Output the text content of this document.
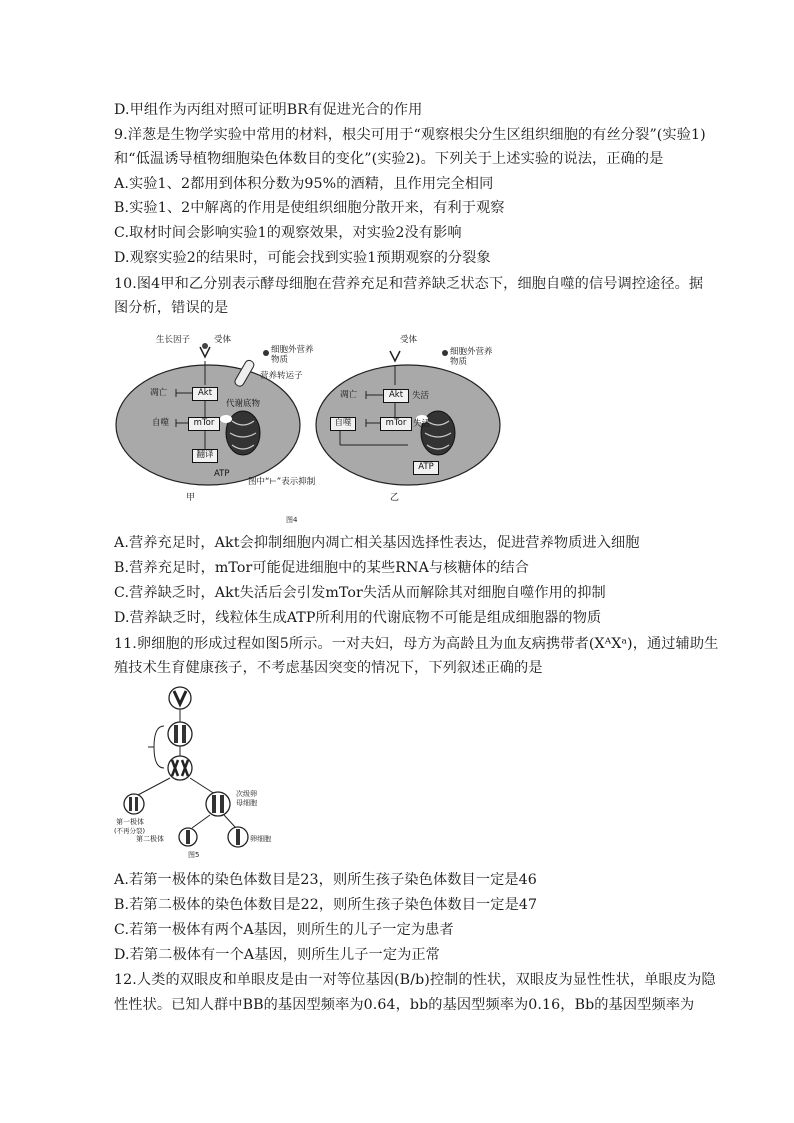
D.甲组作为丙组对照可证明BR有促进光合的作用
9.洋葱是生物学实验中常用的材料，根尖可用于“观察根尖分生区组织细胞的有丝分裂”(实验1)
和“低温诱导植物细胞染色体数目的变化”(实验2)。下列关于上述实验的说法，正确的是
A.实验1、2都用到体积分数为95%的酒精，且作用完全相同
B.实验1、2中解离的作用是使组织细胞分散开来，有利于观察
C.取材时间会影响实验1的观察效果，对实验2没有影响
D.观察实验2的结果时，可能会找到实验1预期观察的分裂象
10.图4甲和乙分别表示酵母细胞在营养充足和营养缺乏状态下，细胞自噬的信号调控途径。据
图分析，错误的是
生长因子	受体
细胞外营养物质
营养转运子
凋亡	Akt
代谢底物
自噬	mTor
翻译
ATP
甲
图中“⊢”表示抑制
受体
细胞外营养物质
凋亡	Akt	失活
自噬	mTor 失活
ATP
乙
图4
A.营养充足时，Akt会抑制细胞内凋亡相关基因选择性表达，促进营养物质进入细胞
B.营养充足时，mTor可能促进细胞中的某些RNA与核糖体的结合
C.营养缺乏时，Akt失活后会引发mTor失活从而解除其对细胞自噬作用的抑制
D.营养缺乏时，线粒体生成ATP所利用的代谢底物不可能是组成细胞器的物质
11.卵细胞的形成过程如图5所示。一对夫妇，母方为高龄且为血友病携带者(XᴬXᵃ)，通过辅助生
殖技术生育健康孩子，不考虑基因突变的情况下，下列叙述正确的是
次级卵母细胞
第一极体
(不再分裂)
第二极体	卵细胞
图5
A.若第一极体的染色体数目是23，则所生孩子染色体数目一定是46
B.若第二极体的染色体数目是22，则所生孩子染色体数目一定是47
C.若第一极体有两个A基因，则所生的儿子一定为患者
D.若第二极体有一个A基因，则所生儿子一定为正常
12.人类的双眼皮和单眼皮是由一对等位基因(B/b)控制的性状，双眼皮为显性性状，单眼皮为隐
性性状。已知人群中BB的基因型频率为0.64，bb的基因型频率为0.16，Bb的基因型频率为
